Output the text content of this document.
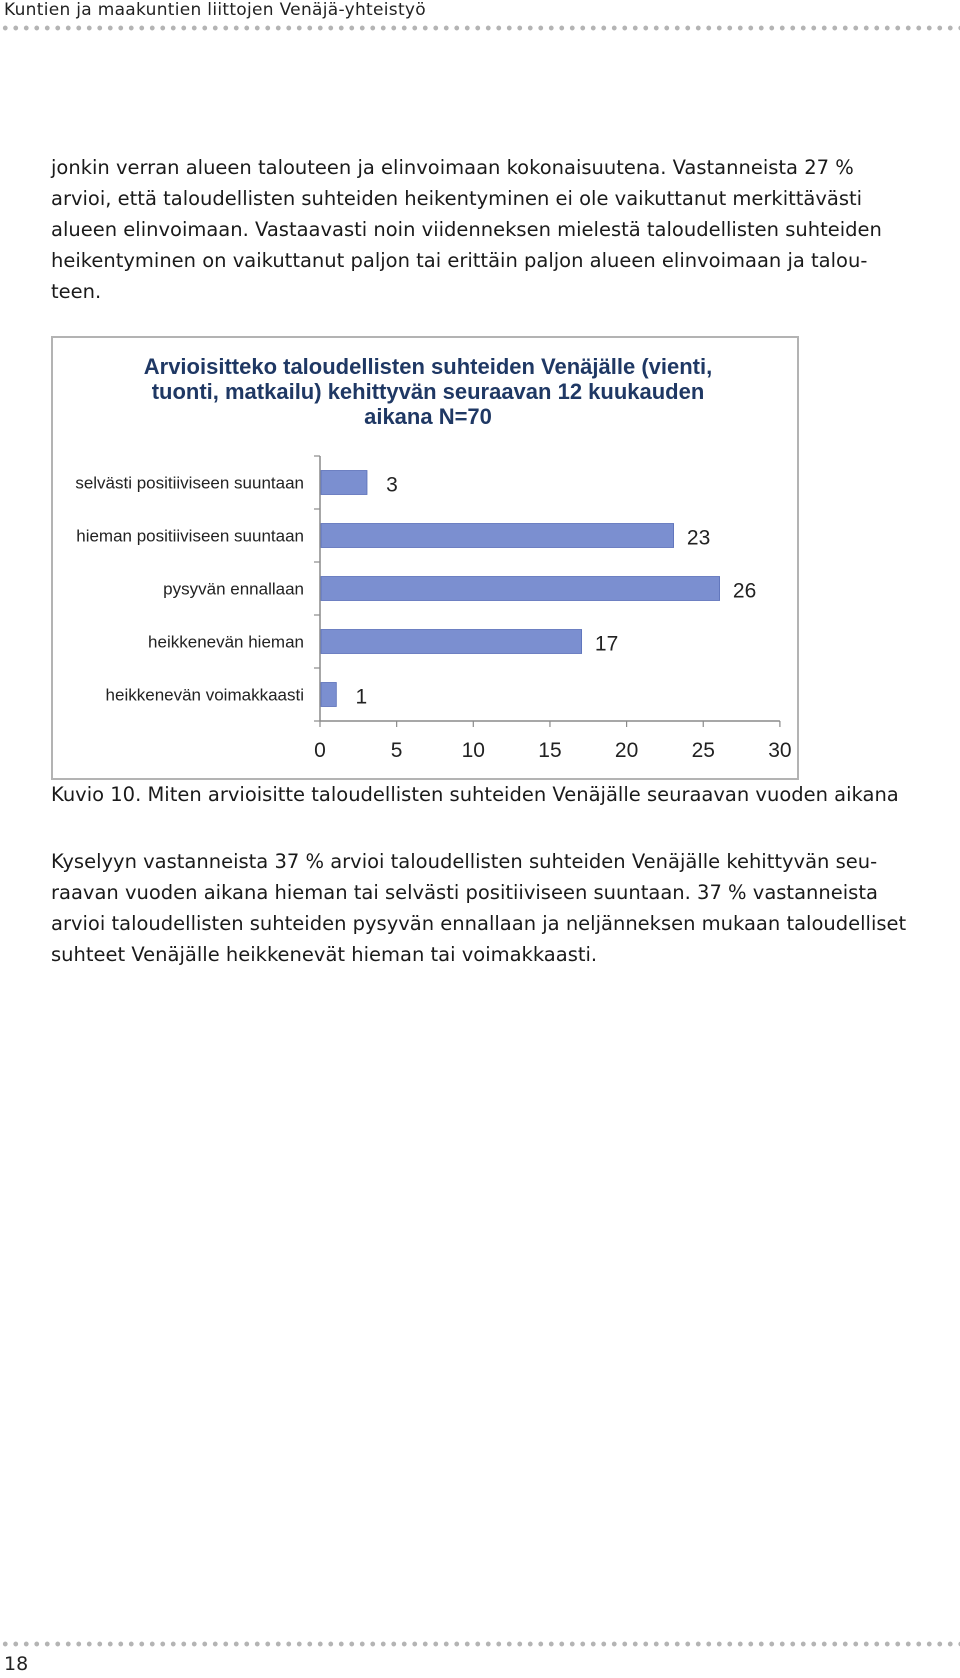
Kuntien ja maakuntien liittojen Venäjä-yhteistyö
jonkin verran alueen talouteen ja elinvoimaan kokonaisuutena. Vastanneista 27 %
arvioi, että taloudellisten suhteiden heikentyminen ei ole vaikuttanut merkittävästi
alueen elinvoimaan. Vastaavasti noin viidenneksen mielestä taloudellisten suhteiden
heikentyminen on vaikuttanut paljon tai erittäin paljon alueen elinvoimaan ja talou-
teen.
Arvioisitteko taloudellisten suhteiden Venäjälle (vienti,
tuonti, matkailu) kehittyvän seuraavan 12 kuukauden
aikana N=70
selvästi positiiviseen suuntaan	3
hieman positiiviseen suuntaan	23
pysyvän ennallaan	26
heikkenevän hieman	17
heikkenevän voimakkaasti 1
0	5	10	15	20	25	30
Kuvio 10. Miten arvioisitte taloudellisten suhteiden Venäjälle seuraavan vuoden aikana
Kyselyyn vastanneista 37 % arvioi taloudellisten suhteiden Venäjälle kehittyvän seu-
raavan vuoden aikana hieman tai selvästi positiiviseen suuntaan. 37 % vastanneista
arvioi taloudellisten suhteiden pysyvän ennallaan ja neljänneksen mukaan taloudelliset
suhteet Venäjälle heikkenevät hieman tai voimakkaasti.
18
